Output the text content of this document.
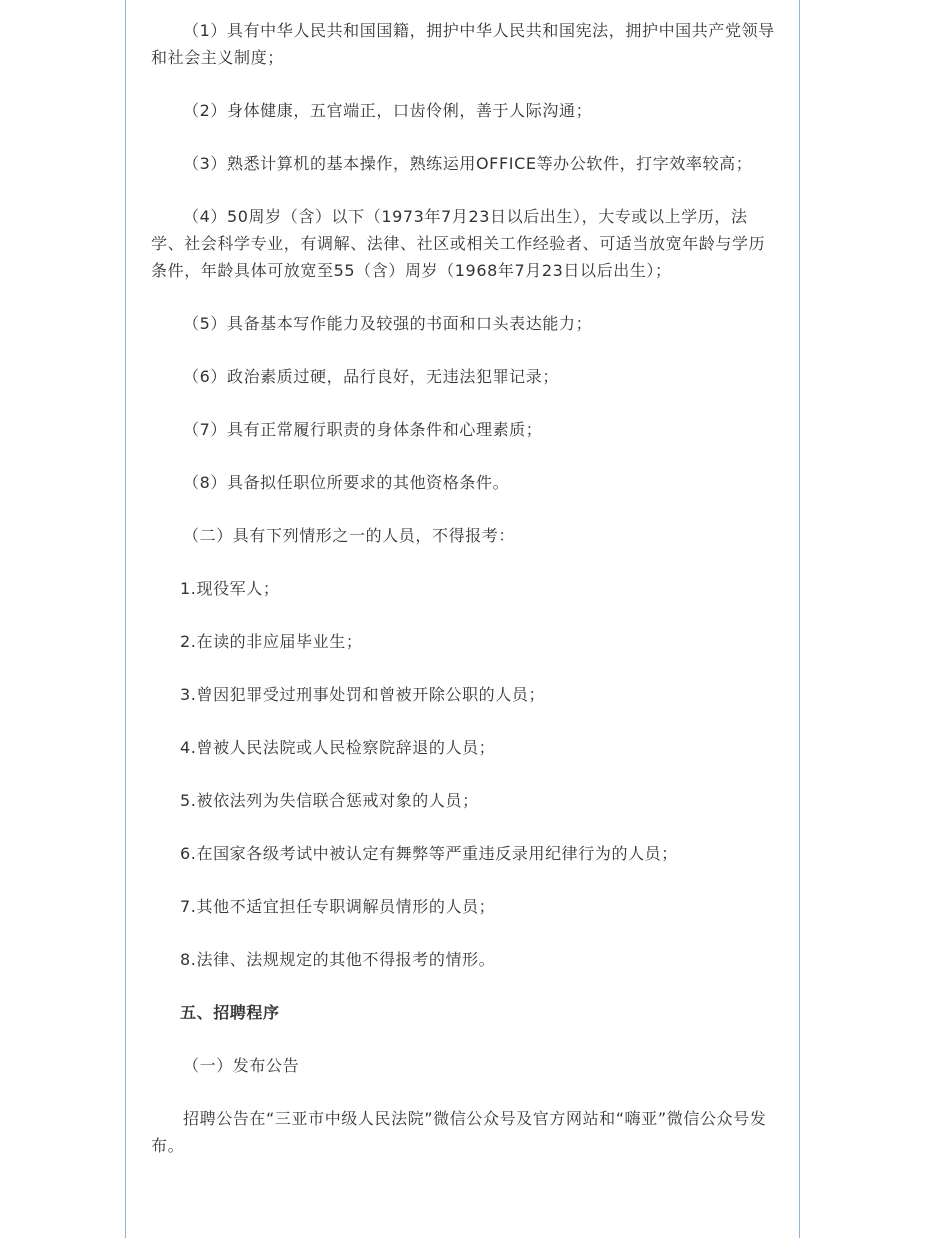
（1）具有中华人民共和国国籍，拥护中华人民共和国宪法，拥护中国共产党领导和社会主义制度；

（2）身体健康，五官端正，口齿伶俐，善于人际沟通；

（3）熟悉计算机的基本操作，熟练运用OFFICE等办公软件，打字效率较高；

（4）50周岁（含）以下（1973年7月23日以后出生），大专或以上学历，法学、社会科学专业，有调解、法律、社区或相关工作经验者、可适当放宽年龄与学历条件，年龄具体可放宽至55（含）周岁（1968年7月23日以后出生）；

（5）具备基本写作能力及较强的书面和口头表达能力；

（6）政治素质过硬，品行良好，无违法犯罪记录；

（7）具有正常履行职责的身体条件和心理素质；

（8）具备拟任职位所要求的其他资格条件。

（二）具有下列情形之一的人员，不得报考：

1.现役军人；

2.在读的非应届毕业生；

3.曾因犯罪受过刑事处罚和曾被开除公职的人员；

4.曾被人民法院或人民检察院辞退的人员；

5.被依法列为失信联合惩戒对象的人员；

6.在国家各级考试中被认定有舞弊等严重违反录用纪律行为的人员；

7.其他不适宜担任专职调解员情形的人员；

8.法律、法规规定的其他不得报考的情形。

五、招聘程序

（一）发布公告

招聘公告在“三亚市中级人民法院”微信公众号及官方网站和“嗨亚”微信公众号发布。
